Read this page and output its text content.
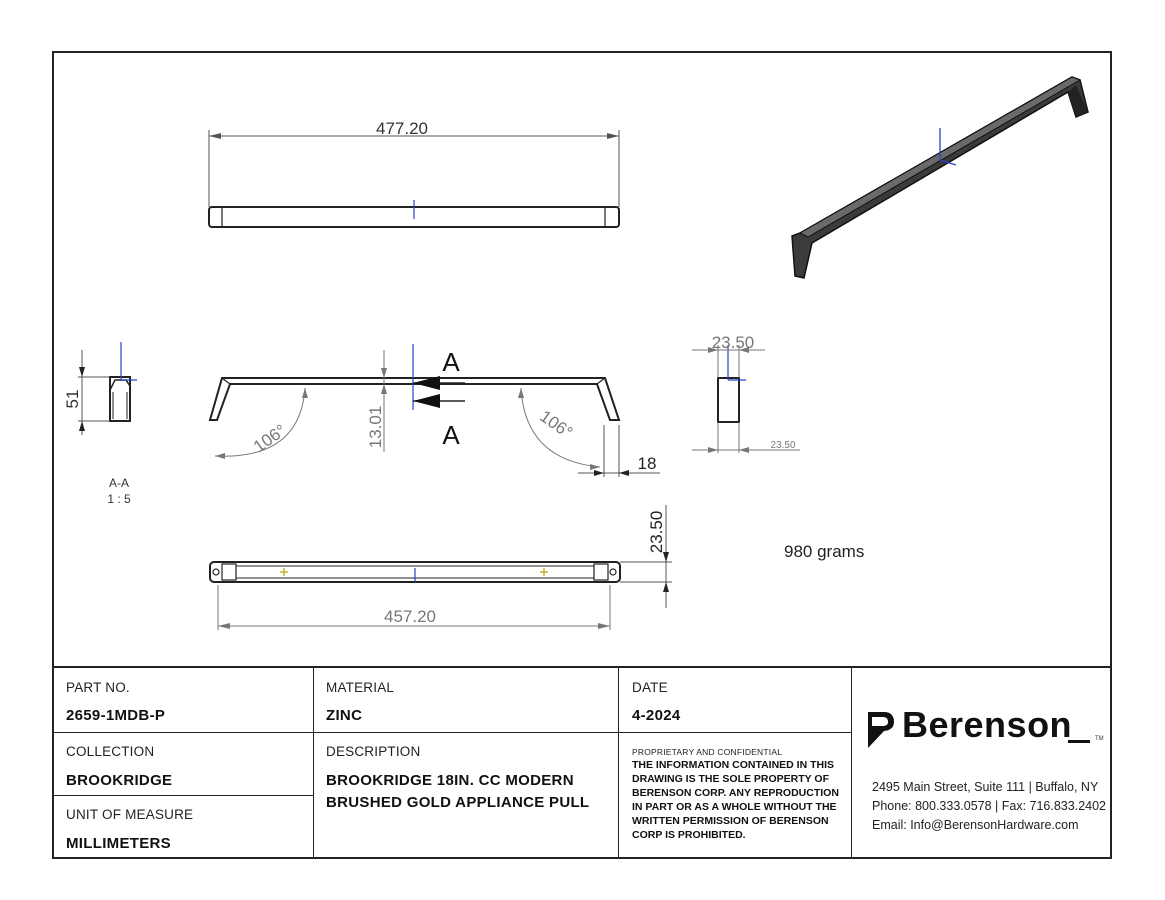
477.20
51
A-A
1 : 5
A
A
13.01
106°	106°
18
23.50
23.50
457.20
23.50	980 grams
PART NO.
2659-1MDB-P
COLLECTION
BROOKRIDGE
UNIT OF MEASURE
MILLIMETERS
MATERIAL
ZINC
DESCRIPTION
BROOKRIDGE 18IN. CC MODERN
BRUSHED GOLD APPLIANCE PULL
DATE
4-2024
PROPRIETARY AND CONFIDENTIAL
THE INFORMATION CONTAINED IN THIS DRAWING IS THE SOLE PROPERTY OF BERENSON CORP. ANY REPRODUCTION IN PART OR AS A WHOLE WITHOUT THE WRITTEN PERMISSION OF BERENSON CORP IS PROHIBITED.
Berenson	TM
2495 Main Street, Suite 111 | Buffalo, NY
Phone: 800.333.0578 | Fax: 716.833.2402
Email: Info@BerensonHardware.com
